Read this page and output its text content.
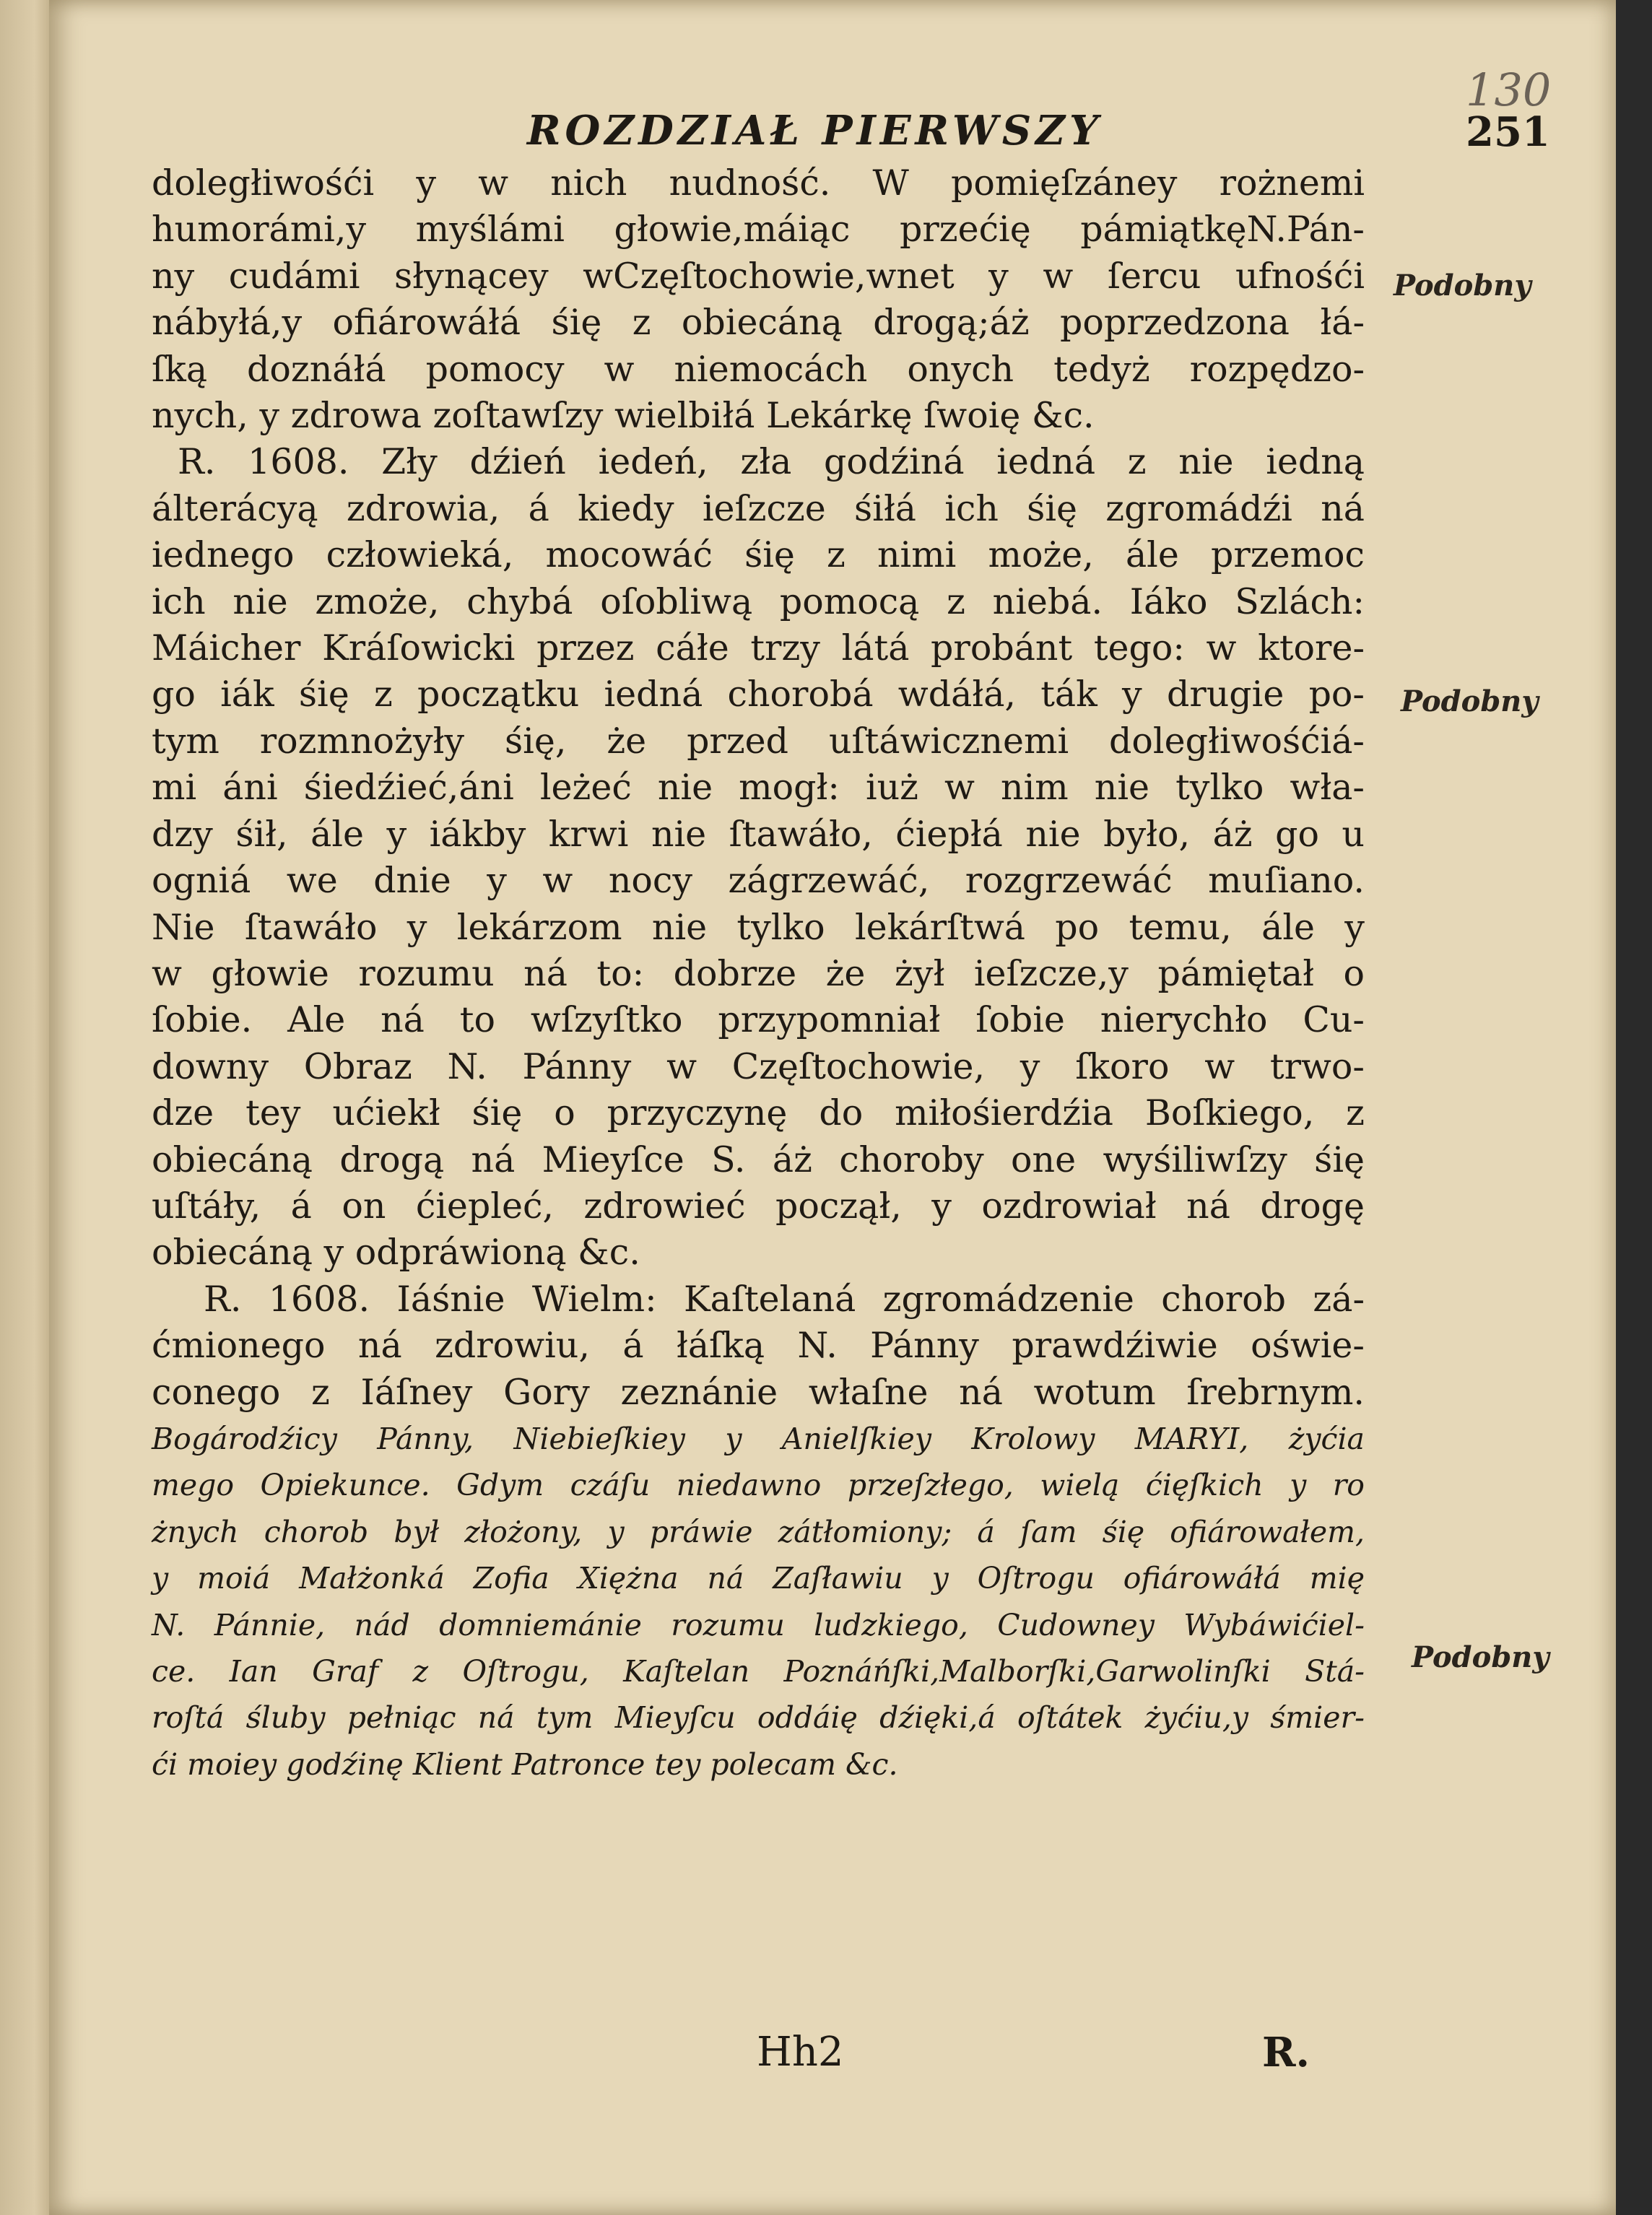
130
ROZDZIAŁ PIERWSZY	251
doległiwośći y w nich nudność. W pomięſzáney rożnemi
humorámi,y myślámi głowie,máiąc przećię pámiątkęN.Pán-
ny cudámi słynącey wCzęſtochowie,wnet y w ſercu ufnośći
nábyłá,y ofiárowáłá śię z obiecáną drogą;áż poprzedzona łá-
ſką doznáłá pomocy w niemocách onych tedyż rozpędzo-
nych, y zdrowa zoſtawſzy wielbiłá Lekárkę ſwoię &c.
R. 1608. Zły dźień iedeń, zła godźiná iedná z nie iedną
álterácyą zdrowia, á kiedy ieſzcze śiłá ich śię zgromádźi ná
iednego człowieká, mocowáć śię z nimi może, ále przemoc
ich nie zmoże, chybá oſobliwą pomocą z niebá. Iáko Szlách:
Máicher Kráſowicki przez cáłe trzy látá probánt tego: w ktore-
go iák śię z początku iedná chorobá wdáłá, ták y drugie po-
tym rozmnożyły śię, że przed uſtáwicznemi doległiwośćiá-
mi áni śiedźieć,áni leżeć nie mogł: iuż w nim nie tylko wła-
dzy śił, ále y iákby krwi nie ſtawáło, ćiepłá nie było, áż go u
ogniá we dnie y w nocy zágrzewáć, rozgrzewáć muſiano.
Nie ſtawáło y lekárzom nie tylko lekárſtwá po temu, ále y
w głowie rozumu ná to: dobrze że żył ieſzcze,y pámiętał o
ſobie. Ale ná to wſzyſtko przypomniał ſobie nierychło Cu-
downy Obraz N. Pánny w Częſtochowie, y ſkoro w trwo-
dze tey ućiekł śię o przyczynę do miłośierdźia Boſkiego, z
obiecáną drogą ná Mieyſce S. áż choroby one wyśiliwſzy śię
uſtáły, á on ćiepleć, zdrowieć począł, y ozdrowiał ná drogę
obiecáną y odpráwioną &c.
R. 1608. Iáśnie Wielm: Kaſtelaná zgromádzenie chorob zá-
ćmionego ná zdrowiu, á łáſką N. Pánny prawdźiwie oświe-
conego z Iáſney Gory zeznánie właſne ná wotum ſrebrnym.
Bogárodźicy Pánny, Niebieſkiey y Anielſkiey Krolowy MARYI, żyćia
mego Opiekunce. Gdym czáſu niedawno przeſzłego, wielą ćięſkich y ro
żnych chorob był złożony, y práwie zátłomiony; á ſam śię ofiárowałem,
y moiá Małżonká Zofia Xiężna ná Zaſławiu y Oſtrogu ofiárowáłá mię
N. Pánnie, nád domniemánie rozumu ludzkiego, Cudowney Wybáwićiel-
ce. Ian Graf z Oſtrogu, Kaſtelan Poznáńſki,Malborſki,Garwolinſki Stá-
roſtá śluby pełniąc ná tym Mieyſcu oddáię dźięki,á oſtátek żyćiu,y śmier-
ći moiey godźinę Klient Patronce tey polecam &c.
Podobny
Podobny
Podobny
Hh2	R.
